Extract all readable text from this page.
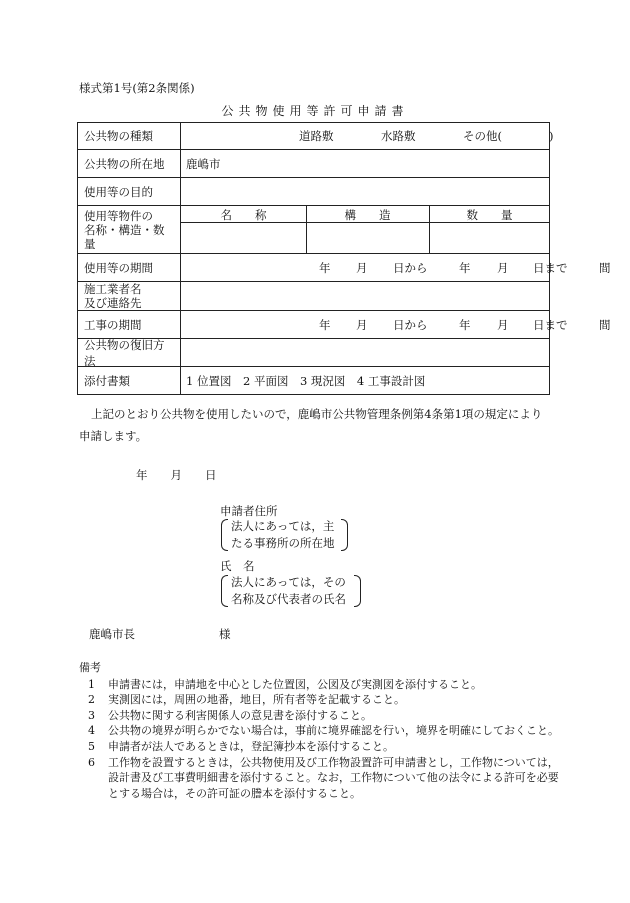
様式第1号(第2条関係)
公共物使用等許可申請書
公共物の種類	道路敷	水路敷	その他(	)
公共物の所在地 鹿嶋市
使用等の目的
使用等物件の
名称・構造・数量
名　　称	構　　造	数　　量
使用等の期間	年 月 日から	年 月 日まで	間
施工業者名
及び連絡先
工事の期間	年 月 日から	年 月 日まで	間
公共物の復旧方法
添付書類	1 位置図　2 平面図　3 現況図　4 工事設計図
上記のとおり公共物を使用したいので，鹿嶋市公共物管理条例第4条第1項の規定により
申請します。
年　　月　　日
申請者住所
法人にあっては，主
たる事務所の所在地
氏　名
法人にあっては，その
名称及び代表者の氏名
鹿嶋市長	様
備考
1	申請書には，申請地を中心とした位置図，公図及び実測図を添付すること。
2	実測図には，周囲の地番，地目，所有者等を記載すること。
3	公共物に関する利害関係人の意見書を添付すること。
4	公共物の境界が明らかでない場合は，事前に境界確認を行い，境界を明確にしておくこと。
5	申請者が法人であるときは，登記簿抄本を添付すること。
6	工作物を設置するときは，公共物使用及び工作物設置許可申請書とし，工作物については，設計書及び工事費明細書を添付すること。なお，工作物について他の法令による許可を必要とする場合は，その許可証の謄本を添付すること。
